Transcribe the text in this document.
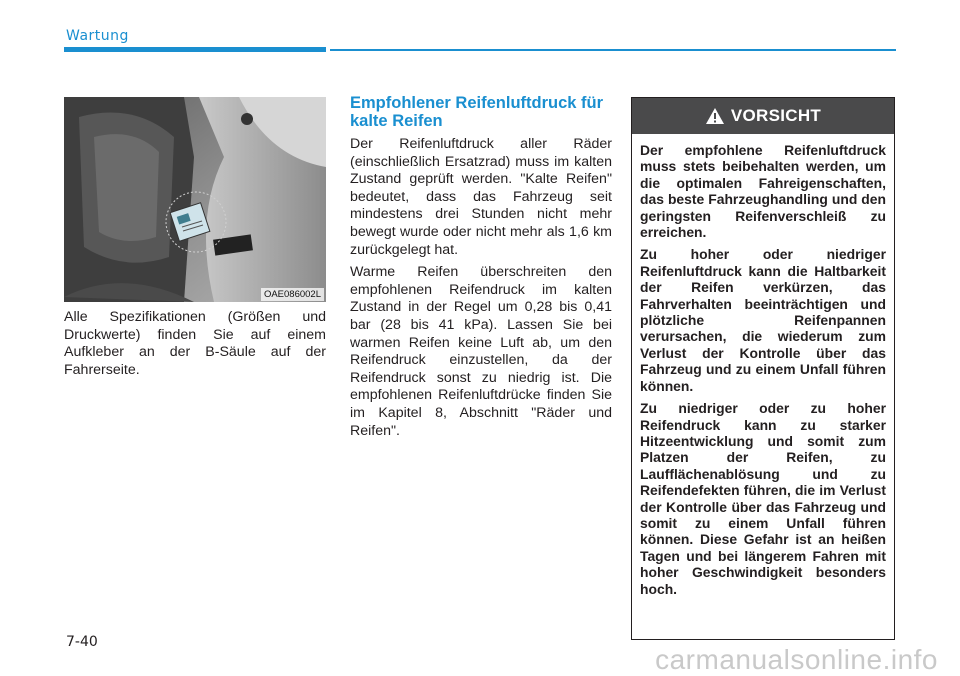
Wartung
OAE086002L

Alle Spezifikationen (Größen und Druckwerte) finden Sie auf einem Aufkleber an der B-Säule auf der Fahrerseite.

Empfohlener Reifenluftdruck für kalte Reifen

Der Reifenluftdruck aller Räder (einschließlich Ersatzrad) muss im kalten Zustand geprüft werden. "Kalte Reifen" bedeutet, dass das Fahrzeug seit mindestens drei Stunden nicht mehr bewegt wurde oder nicht mehr als 1,6 km zurückgelegt hat.

Warme Reifen überschreiten den empfohlenen Reifendruck im kalten Zustand in der Regel um 0,28 bis 0,41 bar (28 bis 41 kPa). Lassen Sie bei warmen Reifen keine Luft ab, um den Reifendruck einzustellen, da der Reifendruck sonst zu niedrig ist. Die empfohlenen Reifenluftdrücke finden Sie im Kapitel 8, Abschnitt "Räder und Reifen".

VORSICHT

Der empfohlene Reifenluftdruck muss stets beibehalten werden, um die optimalen Fahreigenschaften, das beste Fahrzeughandling und den geringsten Reifenverschleiß zu erreichen.

Zu hoher oder niedriger Reifenluftdruck kann die Haltbarkeit der Reifen verkürzen, das Fahrverhalten beeinträchtigen und plötzliche Reifenpannen verursachen, die wiederum zum Verlust der Kontrolle über das Fahrzeug und zu einem Unfall führen können.

Zu niedriger oder zu hoher Reifendruck kann zu starker Hitzeentwicklung und somit zum Platzen der Reifen, zu Laufflächenablösung und zu Reifendefekten führen, die im Verlust der Kontrolle über das Fahrzeug und somit zu einem Unfall führen können. Diese Gefahr ist an heißen Tagen und bei längerem Fahren mit hoher Geschwindigkeit besonders hoch.

7-40
carmanualsonline.info
